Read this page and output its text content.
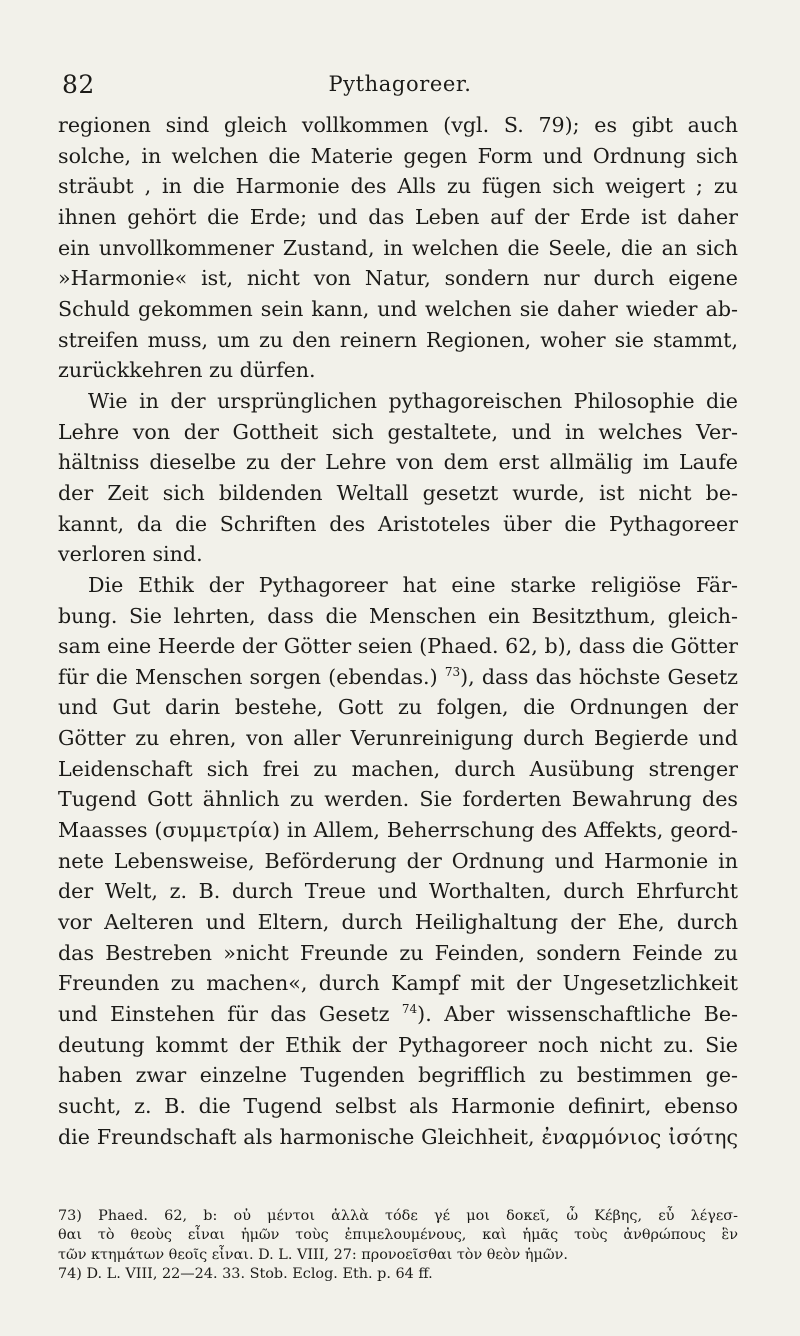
82	Pythagoreer.
regionen sind gleich vollkommen (vgl. S. 79); es gibt auch
solche, in welchen die Materie gegen Form und Ordnung sich
sträubt , in die Harmonie des Alls zu fügen sich weigert ; zu
ihnen gehört die Erde; und das Leben auf der Erde ist daher
ein unvollkommener Zustand, in welchen die Seele, die an sich
»Harmonie« ist, nicht von Natur, sondern nur durch eigene
Schuld gekommen sein kann, und welchen sie daher wieder ab-
streifen muss, um zu den reinern Regionen, woher sie stammt,
zurückkehren zu dürfen.
Wie in der ursprünglichen pythagoreischen Philosophie die
Lehre von der Gottheit sich gestaltete, und in welches Ver-
hältniss dieselbe zu der Lehre von dem erst allmälig im Laufe
der Zeit sich bildenden Weltall gesetzt wurde, ist nicht be-
kannt, da die Schriften des Aristoteles über die Pythagoreer
verloren sind.
Die Ethik der Pythagoreer hat eine starke religiöse Fär-
bung. Sie lehrten, dass die Menschen ein Besitzthum, gleich-
sam eine Heerde der Götter seien (Phaed. 62, b), dass die Götter
für die Menschen sorgen (ebendas.) $^{73}$), dass das höchste Gesetz
und Gut darin bestehe, Gott zu folgen, die Ordnungen der
Götter zu ehren, von aller Verunreinigung durch Begierde und
Leidenschaft sich frei zu machen, durch Ausübung strenger
Tugend Gott ähnlich zu werden. Sie forderten Bewahrung des
Maasses (συμμετρία) in Allem, Beherrschung des Affekts, geord-
nete Lebensweise, Beförderung der Ordnung und Harmonie in
der Welt, z. B. durch Treue und Worthalten, durch Ehrfurcht
vor Aelteren und Eltern, durch Heilighaltung der Ehe, durch
das Bestreben »nicht Freunde zu Feinden, sondern Feinde zu
Freunden zu machen«, durch Kampf mit der Ungesetzlichkeit
und Einstehen für das Gesetz $^{74}$). Aber wissenschaftliche Be-
deutung kommt der Ethik der Pythagoreer noch nicht zu. Sie
haben zwar einzelne Tugenden begrifflich zu bestimmen ge-
sucht, z. B. die Tugend selbst als Harmonie definirt, ebenso
die Freundschaft als harmonische Gleichheit, ἐναρμόνιος ἰσότης
73) Phaed. 62, b: οὐ μέντοι ἀλλὰ τόδε γέ μοι δοκεῖ, ὦ Κέβης, εὖ λέγεσ-
θαι τὸ θεοὺς εἶναι ἡμῶν τοὺς ἐπιμελουμένους, καὶ ἡμᾶς τοὺς ἀνθρώπους ἓν
τῶν κτημάτων θεοῖς εἶναι. D. L. VIII, 27: προνοεῖσθαι τὸν θεὸν ἡμῶν.
74) D. L. VIII, 22—24. 33. Stob. Eclog. Eth. p. 64 ff.
